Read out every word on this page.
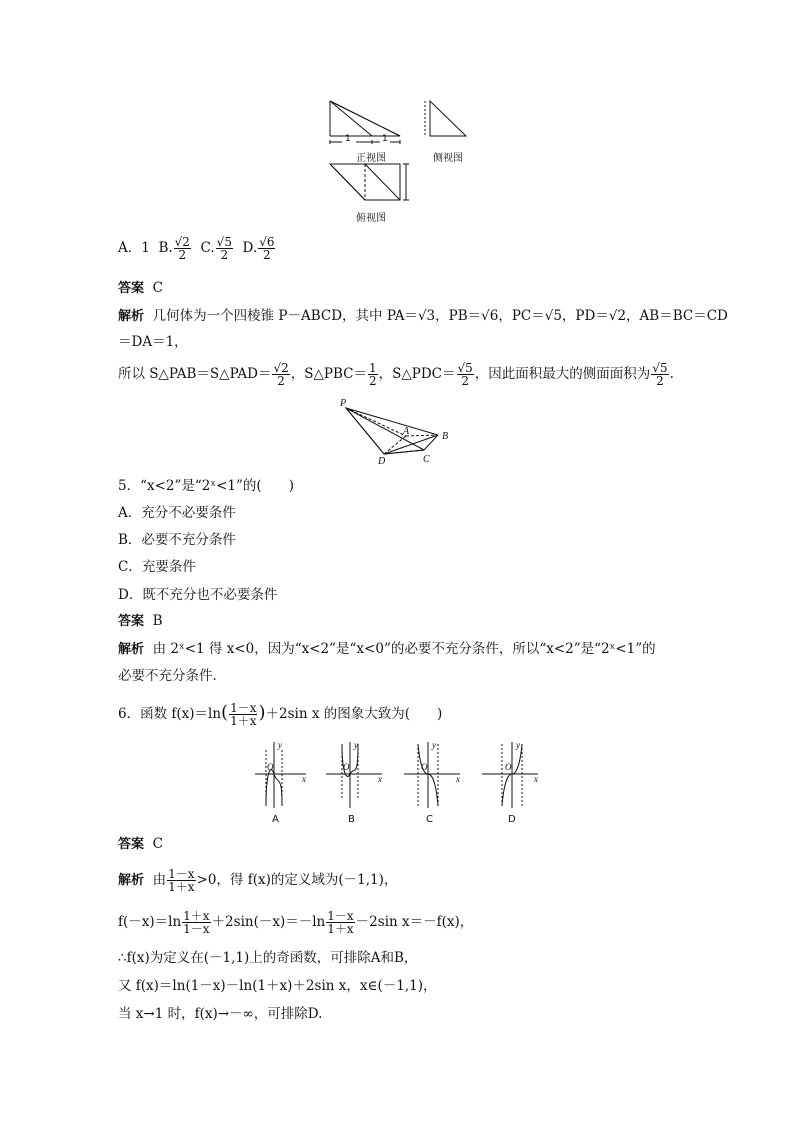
1	1
正视图	侧视图
俯视图
A．1 B. $\frac{√2}{2} C$. $\frac{√5}{2} D$. $\frac{√6}{2}$
答案 C
解析 几何体为一个四棱锥 P－ABCD，其中 PA＝√3，PB＝√6，PC＝√5，PD＝√2，AB＝BC＝CD
＝DA＝1，
所以 S△PAB＝S△PAD＝ $\frac{√2}{2}$ ，S△PBC＝ $\frac{1}{2}$ ，S△PDC＝ $\frac{√5}{2}$ ，因此面积最大的侧面面积为 $\frac{√5}{2}$ .
P
A	B
C
D
5．“x<2”是“2ˣ<1”的(　　)
A．充分不必要条件
B．必要不充分条件
C．充要条件
D．既不充分也不必要条件
答案 B
解析 由 2ˣ<1 得 x<0，因为“x<2”是“x<0”的必要不充分条件，所以“x<2”是“2ˣ<1”的
必要不充分条件．
6．函数 $f(x)=\ln( \frac{1-x}{1+x} )+2\sin$ x 的图象大致为(　　)
y
x
O
y
x
O
y
x
O
y
x
O
A	B	C	D
答案 C
解析 由 $\frac{1-x}{1+x} >0$，得 f(x)的定义域为(－1,1)，
$f(-x)=\ln \frac{1+x}{1-x} +2\sin(-x)=-\ln \frac{1-x}{1+x} -2\sin$ x＝－f(x)，
∴f(x)为定义在(－1,1)上的奇函数，可排除A和B，
又 f(x)＝ln(1－x)－ln(1＋x)＋2sin x，x∈(－1,1)，
当 x→1 时，f(x)→－∞，可排除D.
